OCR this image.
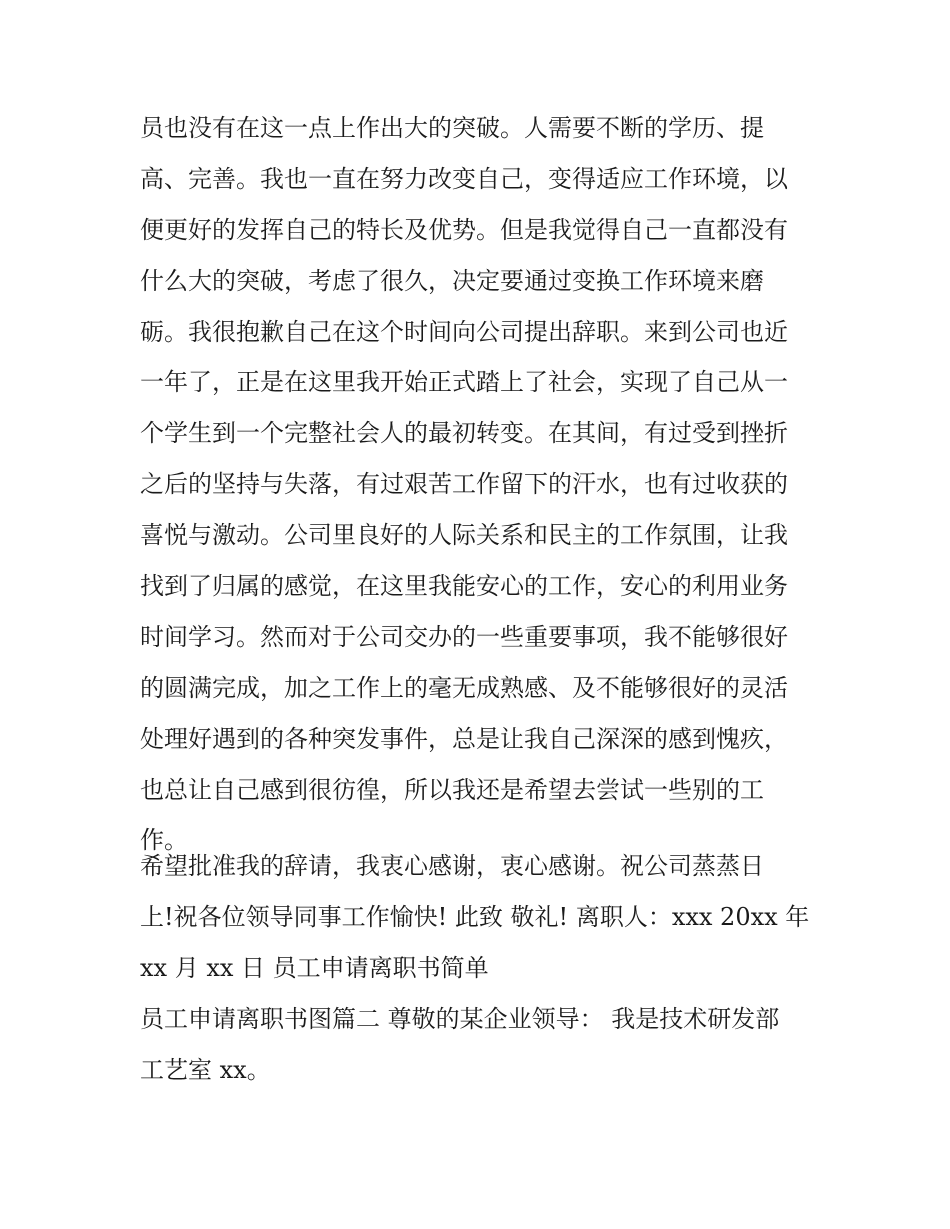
员也没有在这一点上作出大的突破。人需要不断的学历、提
高、完善。我也一直在努力改变自己，变得适应工作环境，以
便更好的发挥自己的特长及优势。但是我觉得自己一直都没有
什么大的突破，考虑了很久，决定要通过变换工作环境来磨
砺。我很抱歉自己在这个时间向公司提出辞职。来到公司也近
一年了，正是在这里我开始正式踏上了社会，实现了自己从一
个学生到一个完整社会人的最初转变。在其间，有过受到挫折
之后的坚持与失落，有过艰苦工作留下的汗水，也有过收获的
喜悦与激动。公司里良好的人际关系和民主的工作氛围，让我
找到了归属的感觉，在这里我能安心的工作，安心的利用业务
时间学习。然而对于公司交办的一些重要事项，我不能够很好
的圆满完成，加之工作上的毫无成熟感、及不能够很好的灵活
处理好遇到的各种突发事件，总是让我自己深深的感到愧疚，
也总让自己感到很彷徨，所以我还是希望去尝试一些别的工
作。
希望批准我的辞请，我衷心感谢，衷心感谢。祝公司蒸蒸日
上!祝各位领导同事工作愉快! 此致 敬礼! 离职人：xxx 20xx 年
xx 月 xx 日 员工申请离职书简单
员工申请离职书图篇二 尊敬的某企业领导： 我是技术研发部
工艺室 xx。
